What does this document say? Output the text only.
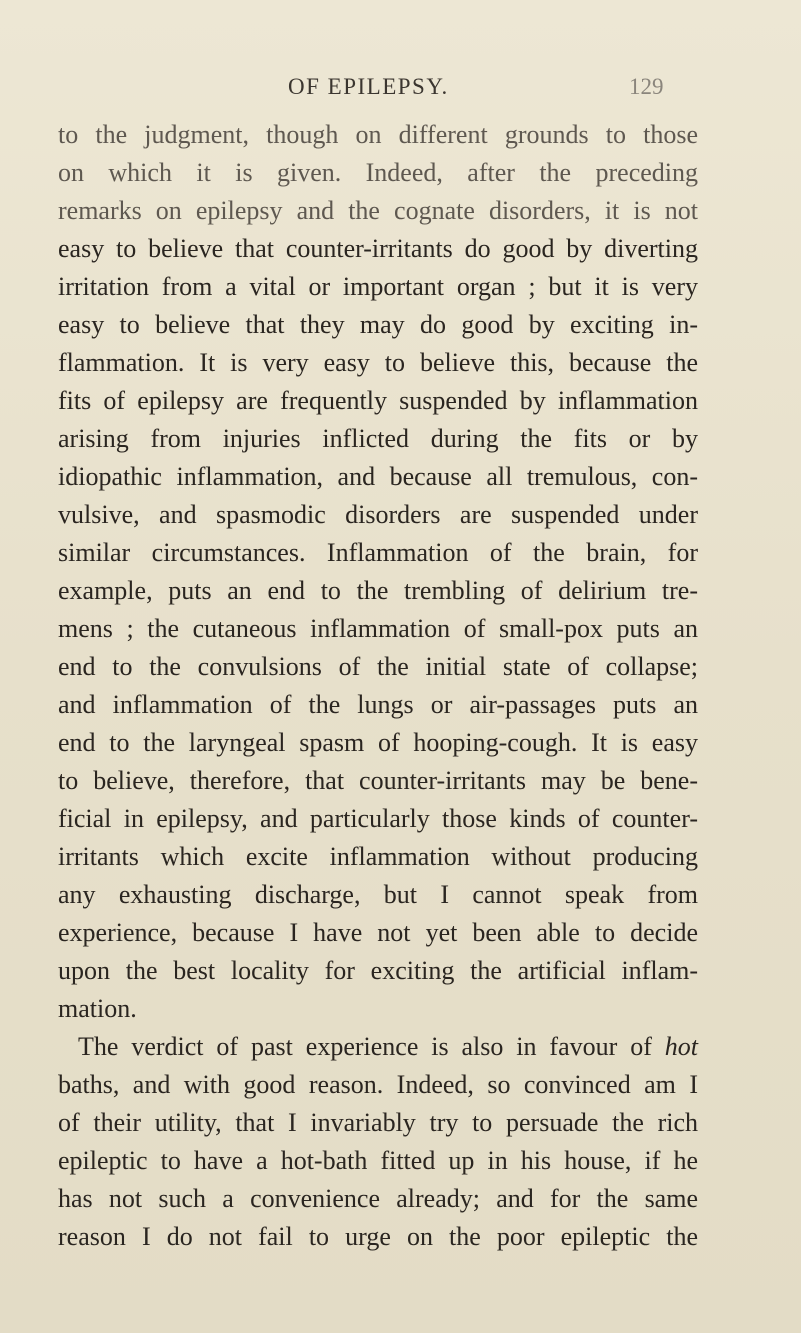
OF EPILEPSY.	129
to the judgment, though on different grounds to those
on which it is given. Indeed, after the preceding
remarks on epilepsy and the cognate disorders, it is not
easy to believe that counter-irritants do good by diverting
irritation from a vital or important organ ; but it is very
easy to believe that they may do good by exciting in-
flammation. It is very easy to believe this, because the
fits of epilepsy are frequently suspended by inflammation
arising from injuries inflicted during the fits or by
idiopathic inflammation, and because all tremulous, con-
vulsive, and spasmodic disorders are suspended under
similar circumstances. Inflammation of the brain, for
example, puts an end to the trembling of delirium tre-
mens ; the cutaneous inflammation of small-pox puts an
end to the convulsions of the initial state of collapse;
and inflammation of the lungs or air-passages puts an
end to the laryngeal spasm of hooping-cough. It is easy
to believe, therefore, that counter-irritants may be bene-
ficial in epilepsy, and particularly those kinds of counter-
irritants which excite inflammation without producing
any exhausting discharge, but I cannot speak from
experience, because I have not yet been able to decide
upon the best locality for exciting the artificial inflam-
mation.
The verdict of past experience is also in favour of hot
baths, and with good reason. Indeed, so convinced am I
of their utility, that I invariably try to persuade the rich
epileptic to have a hot-bath fitted up in his house, if he
has not such a convenience already; and for the same
reason I do not fail to urge on the poor epileptic the
